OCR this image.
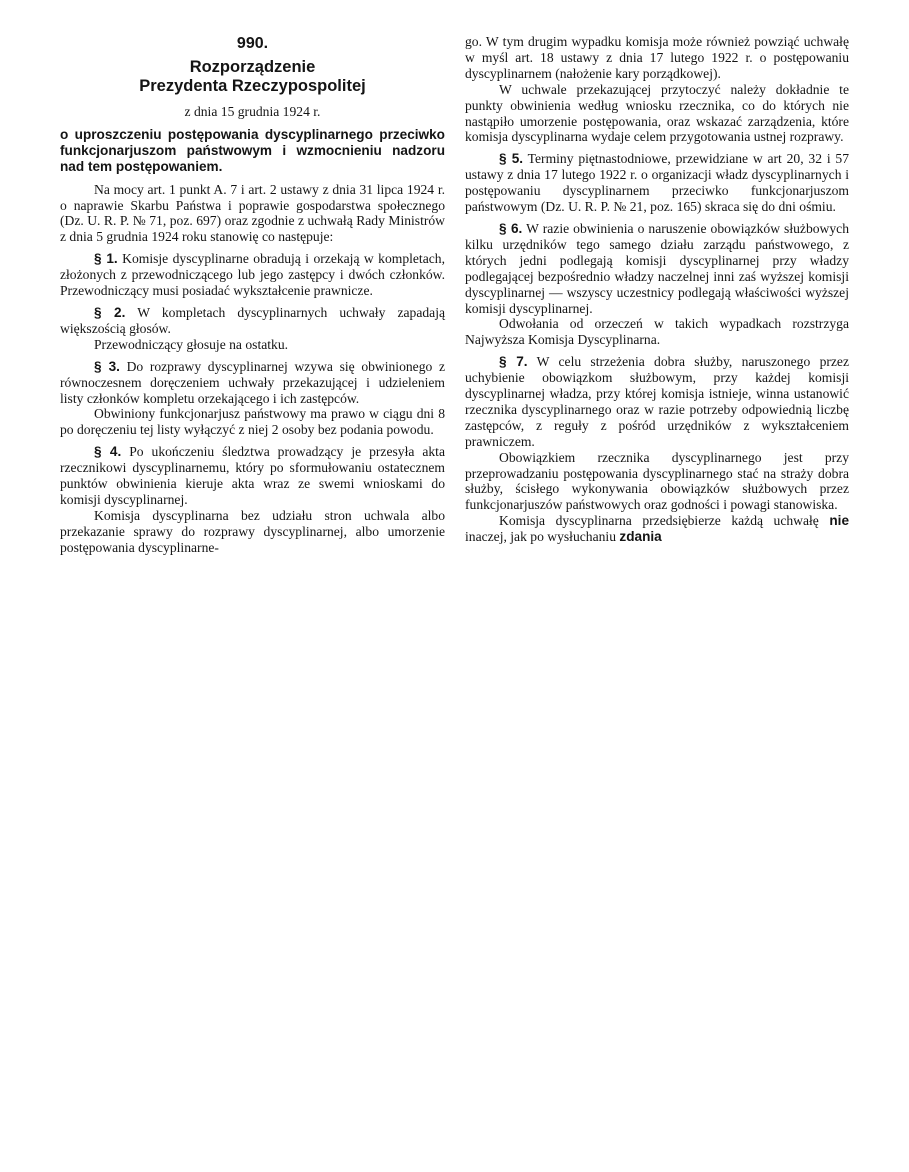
990.
Rozporządzenie
Prezydenta Rzeczypospolitej
z dnia 15 grudnia 1924 r.

o uproszczeniu postępowania dyscyplinarnego przeciwko funkcjonarjuszom państwowym i wzmocnieniu nadzoru nad tem postępowaniem.

Na mocy art. 1 punkt A. 7 i art. 2 ustawy z dnia 31 lipca 1924 r. o naprawie Skarbu Państwa i poprawie gospodarstwa społecznego (Dz. U. R. P. № 71, poz. 697) oraz zgodnie z uchwałą Rady Ministrów z dnia 5 grudnia 1924 roku stanowię co następuje:

§ 1. Komisje dyscyplinarne obradują i orzekają w kompletach, złożonych z przewodniczącego lub jego zastępcy i dwóch członków. Przewodniczący musi posiadać wykształcenie prawnicze.

§ 2. W kompletach dyscyplinarnych uchwały zapadają większością głosów.

Przewodniczący głosuje na ostatku.

§ 3. Do rozprawy dyscyplinarnej wzywa się obwinionego z równoczesnem doręczeniem uchwały przekazującej i udzieleniem listy członków kompletu orzekającego i ich zastępców.

Obwiniony funkcjonarjusz państwowy ma prawo w ciągu dni 8 po doręczeniu tej listy wyłączyć z niej 2 osoby bez podania powodu.

§ 4. Po ukończeniu śledztwa prowadzący je przesyła akta rzecznikowi dyscyplinarnemu, który po sformułowaniu ostatecznem punktów obwinienia kieruje akta wraz ze swemi wnioskami do komisji dyscyplinarnej.

Komisja dyscyplinarna bez udziału stron uchwala albo przekazanie sprawy do rozprawy dyscyplinarnej, albo umorzenie postępowania dyscyplinarne-

go. W tym drugim wypadku komisja może również powziąć uchwałę w myśl art. 18 ustawy z dnia 17 lutego 1922 r. o postępowaniu dyscyplinarnem (nałożenie kary porządkowej).

W uchwale przekazującej przytoczyć należy dokładnie te punkty obwinienia według wniosku rzecznika, co do których nie nastąpiło umorzenie postępowania, oraz wskazać zarządzenia, które komisja dyscyplinarna wydaje celem przygotowania ustnej rozprawy.

§ 5. Terminy piętnastodniowe, przewidziane w art 20, 32 i 57 ustawy z dnia 17 lutego 1922 r. o organizacji władz dyscyplinarnych i postępowaniu dyscyplinarnem przeciwko funkcjonarjuszom państwowym (Dz. U. R. P. № 21, poz. 165) skraca się do dni ośmiu.

§ 6. W razie obwinienia o naruszenie obowiązków służbowych kilku urzędników tego samego działu zarządu państwowego, z których jedni podlegają komisji dyscyplinarnej przy władzy podlegającej bezpośrednio władzy naczelnej inni zaś wyższej komisji dyscyplinarnej — wszyscy uczestnicy podlegają właściwości wyższej komisji dyscyplinarnej.

Odwołania od orzeczeń w takich wypadkach rozstrzyga Najwyższa Komisja Dyscyplinarna.

§ 7. W celu strzeżenia dobra służby, naruszonego przez uchybienie obowiązkom służbowym, przy każdej komisji dyscyplinarnej władza, przy której komisja istnieje, winna ustanowić rzecznika dyscyplinarnego oraz w razie potrzeby odpowiednią liczbę zastępców, z reguły z pośród urzędników z wykształceniem prawniczem.

Obowiązkiem rzecznika dyscyplinarnego jest przy przeprowadzaniu postępowania dyscyplinarnego stać na straży dobra służby, ścisłego wykonywania obowiązków służbowych przez funkcjonarjuszów państwowych oraz godności i powagi stanowiska.

Komisja dyscyplinarna przedsiębierze każdą uchwałę nie inaczej, jak po wysłuchaniu zdania
